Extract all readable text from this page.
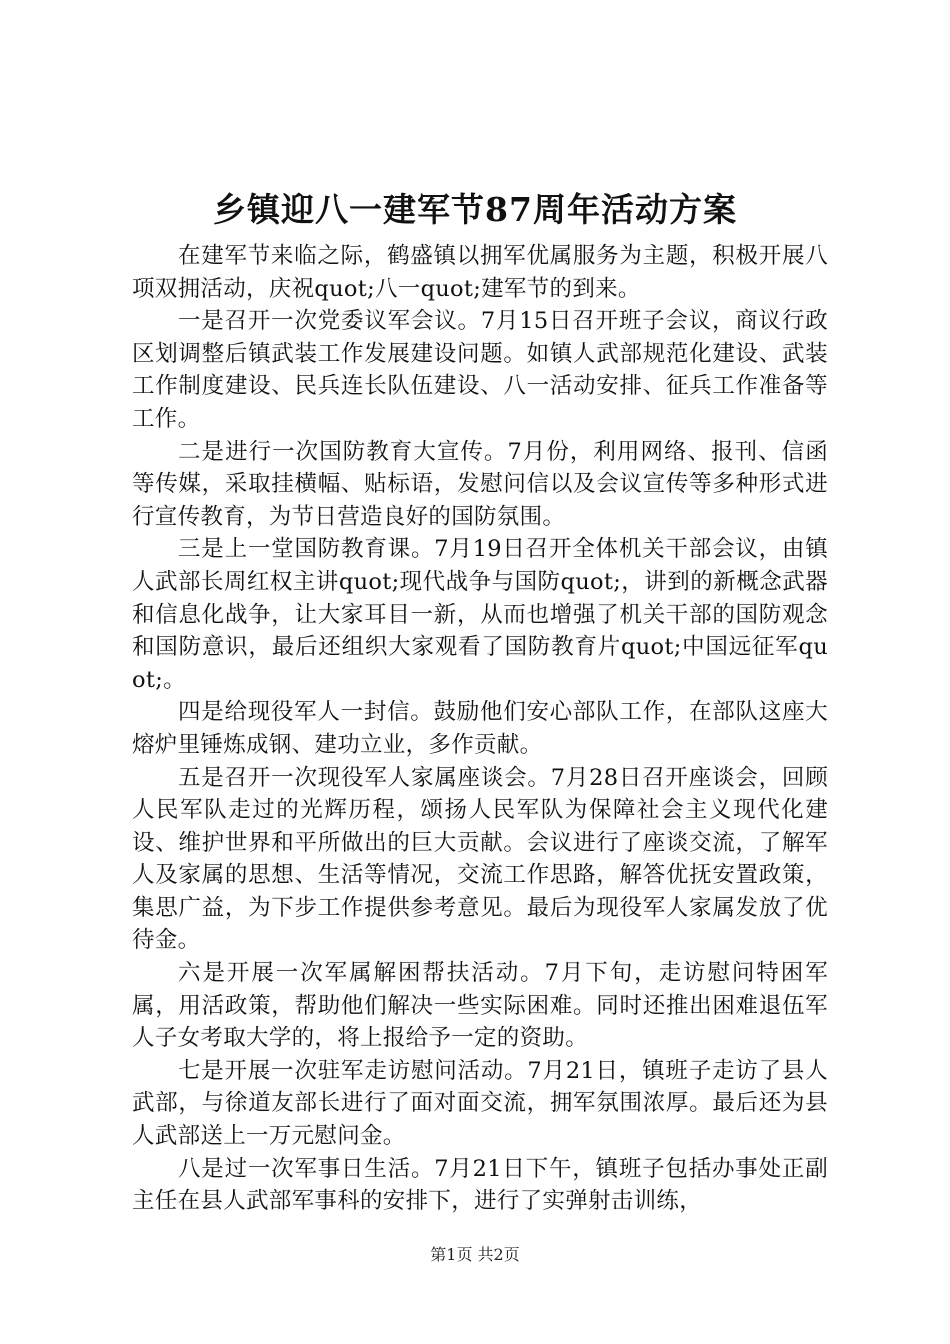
乡镇迎八一建军节87周年活动方案

在建军节来临之际，鹤盛镇以拥军优属服务为主题，积极开展八项双拥活动，庆祝quot;八一quot;建军节的到来。

一是召开一次党委议军会议。7月15日召开班子会议，商议行政区划调整后镇武装工作发展建设问题。如镇人武部规范化建设、武装工作制度建设、民兵连长队伍建设、八一活动安排、征兵工作准备等工作。

二是进行一次国防教育大宣传。7月份，利用网络、报刊、信函等传媒，采取挂横幅、贴标语，发慰问信以及会议宣传等多种形式进行宣传教育，为节日营造良好的国防氛围。

三是上一堂国防教育课。7月19日召开全体机关干部会议，由镇人武部长周红权主讲quot;现代战争与国防quot;，讲到的新概念武器和信息化战争，让大家耳目一新，从而也增强了机关干部的国防观念和国防意识，最后还组织大家观看了国防教育片quot;中国远征军quot;。

四是给现役军人一封信。鼓励他们安心部队工作，在部队这座大熔炉里锤炼成钢、建功立业，多作贡献。

五是召开一次现役军人家属座谈会。7月28日召开座谈会，回顾人民军队走过的光辉历程，颂扬人民军队为保障社会主义现代化建设、维护世界和平所做出的巨大贡献。会议进行了座谈交流，了解军人及家属的思想、生活等情况，交流工作思路，解答优抚安置政策，集思广益，为下步工作提供参考意见。最后为现役军人家属发放了优待金。

六是开展一次军属解困帮扶活动。7月下旬，走访慰问特困军属，用活政策，帮助他们解决一些实际困难。同时还推出困难退伍军人子女考取大学的，将上报给予一定的资助。

七是开展一次驻军走访慰问活动。7月21日，镇班子走访了县人武部，与徐道友部长进行了面对面交流，拥军氛围浓厚。最后还为县人武部送上一万元慰问金。

八是过一次军事日生活。7月21日下午，镇班子包括办事处正副主任在县人武部军事科的安排下，进行了实弹射击训练，

第1页 共2页
